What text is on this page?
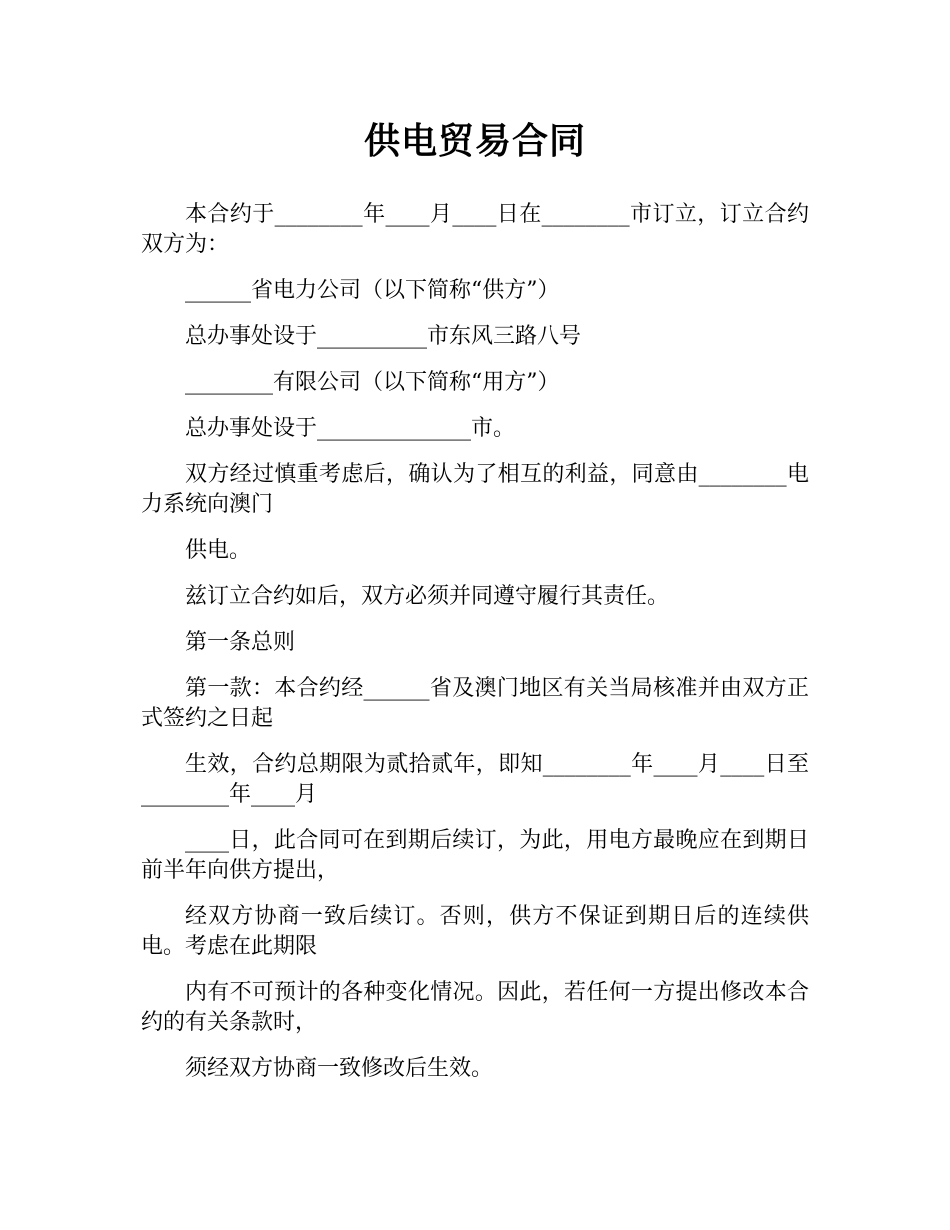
供电贸易合同

本合约于________年____月____日在________市订立，订立合约双方为：

______省电力公司（以下简称“供方”）

总办事处设于__________市东风三路八号

________有限公司（以下简称“用方”）

总办事处设于______________市。

双方经过慎重考虑后，确认为了相互的利益，同意由________电力系统向澳门

供电。

兹订立合约如后，双方必须并同遵守履行其责任。

第一条总则

第一款：本合约经______省及澳门地区有关当局核准并由双方正式签约之日起

生效，合约总期限为贰拾贰年，即知________年____月____日至________年____月

____日，此合同可在到期后续订，为此，用电方最晚应在到期日前半年向供方提出，

经双方协商一致后续订。否则，供方不保证到期日后的连续供电。考虑在此期限

内有不可预计的各种变化情况。因此，若任何一方提出修改本合约的有关条款时，

须经双方协商一致修改后生效。
